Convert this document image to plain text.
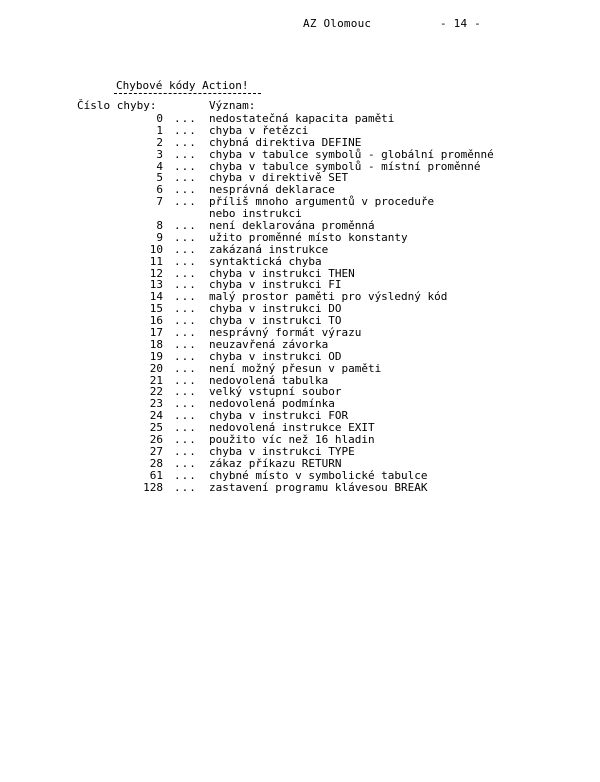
AZ Olomouc	- 14 -
Chybové kódy Action!
Číslo chyby:	Význam:
0 ... nedostatečná kapacita paměti
1 ... chyba v řetězci
2 ... chybná direktiva DEFINE
3 ... chyba v tabulce symbolů - globální proměnné
4 ... chyba v tabulce symbolů - místní proměnné
5 ... chyba v direktivě SET
6 ... nesprávná deklarace
7 ... příliš mnoho argumentů v proceduře
nebo instrukci
8 ... není deklarována proměnná
9 ... užito proměnné místo konstanty
10 ... zakázaná instrukce
11 ... syntaktická chyba
12 ... chyba v instrukci THEN
13 ... chyba v instrukci FI
14 ... malý prostor paměti pro výsledný kód
15 ... chyba v instrukci DO
16 ... chyba v instrukci TO
17 ... nesprávný formát výrazu
18 ... neuzavřená závorka
19 ... chyba v instrukci OD
20 ... není možný přesun v paměti
21 ... nedovolená tabulka
22 ... velký vstupní soubor
23 ... nedovolená podmínka
24 ... chyba v instrukci FOR
25 ... nedovolená instrukce EXIT
26 ... použito víc než 16 hladin
27 ... chyba v instrukci TYPE
28 ... zákaz příkazu RETURN
61 ... chybné místo v symbolické tabulce
128 ... zastavení programu klávesou BREAK
